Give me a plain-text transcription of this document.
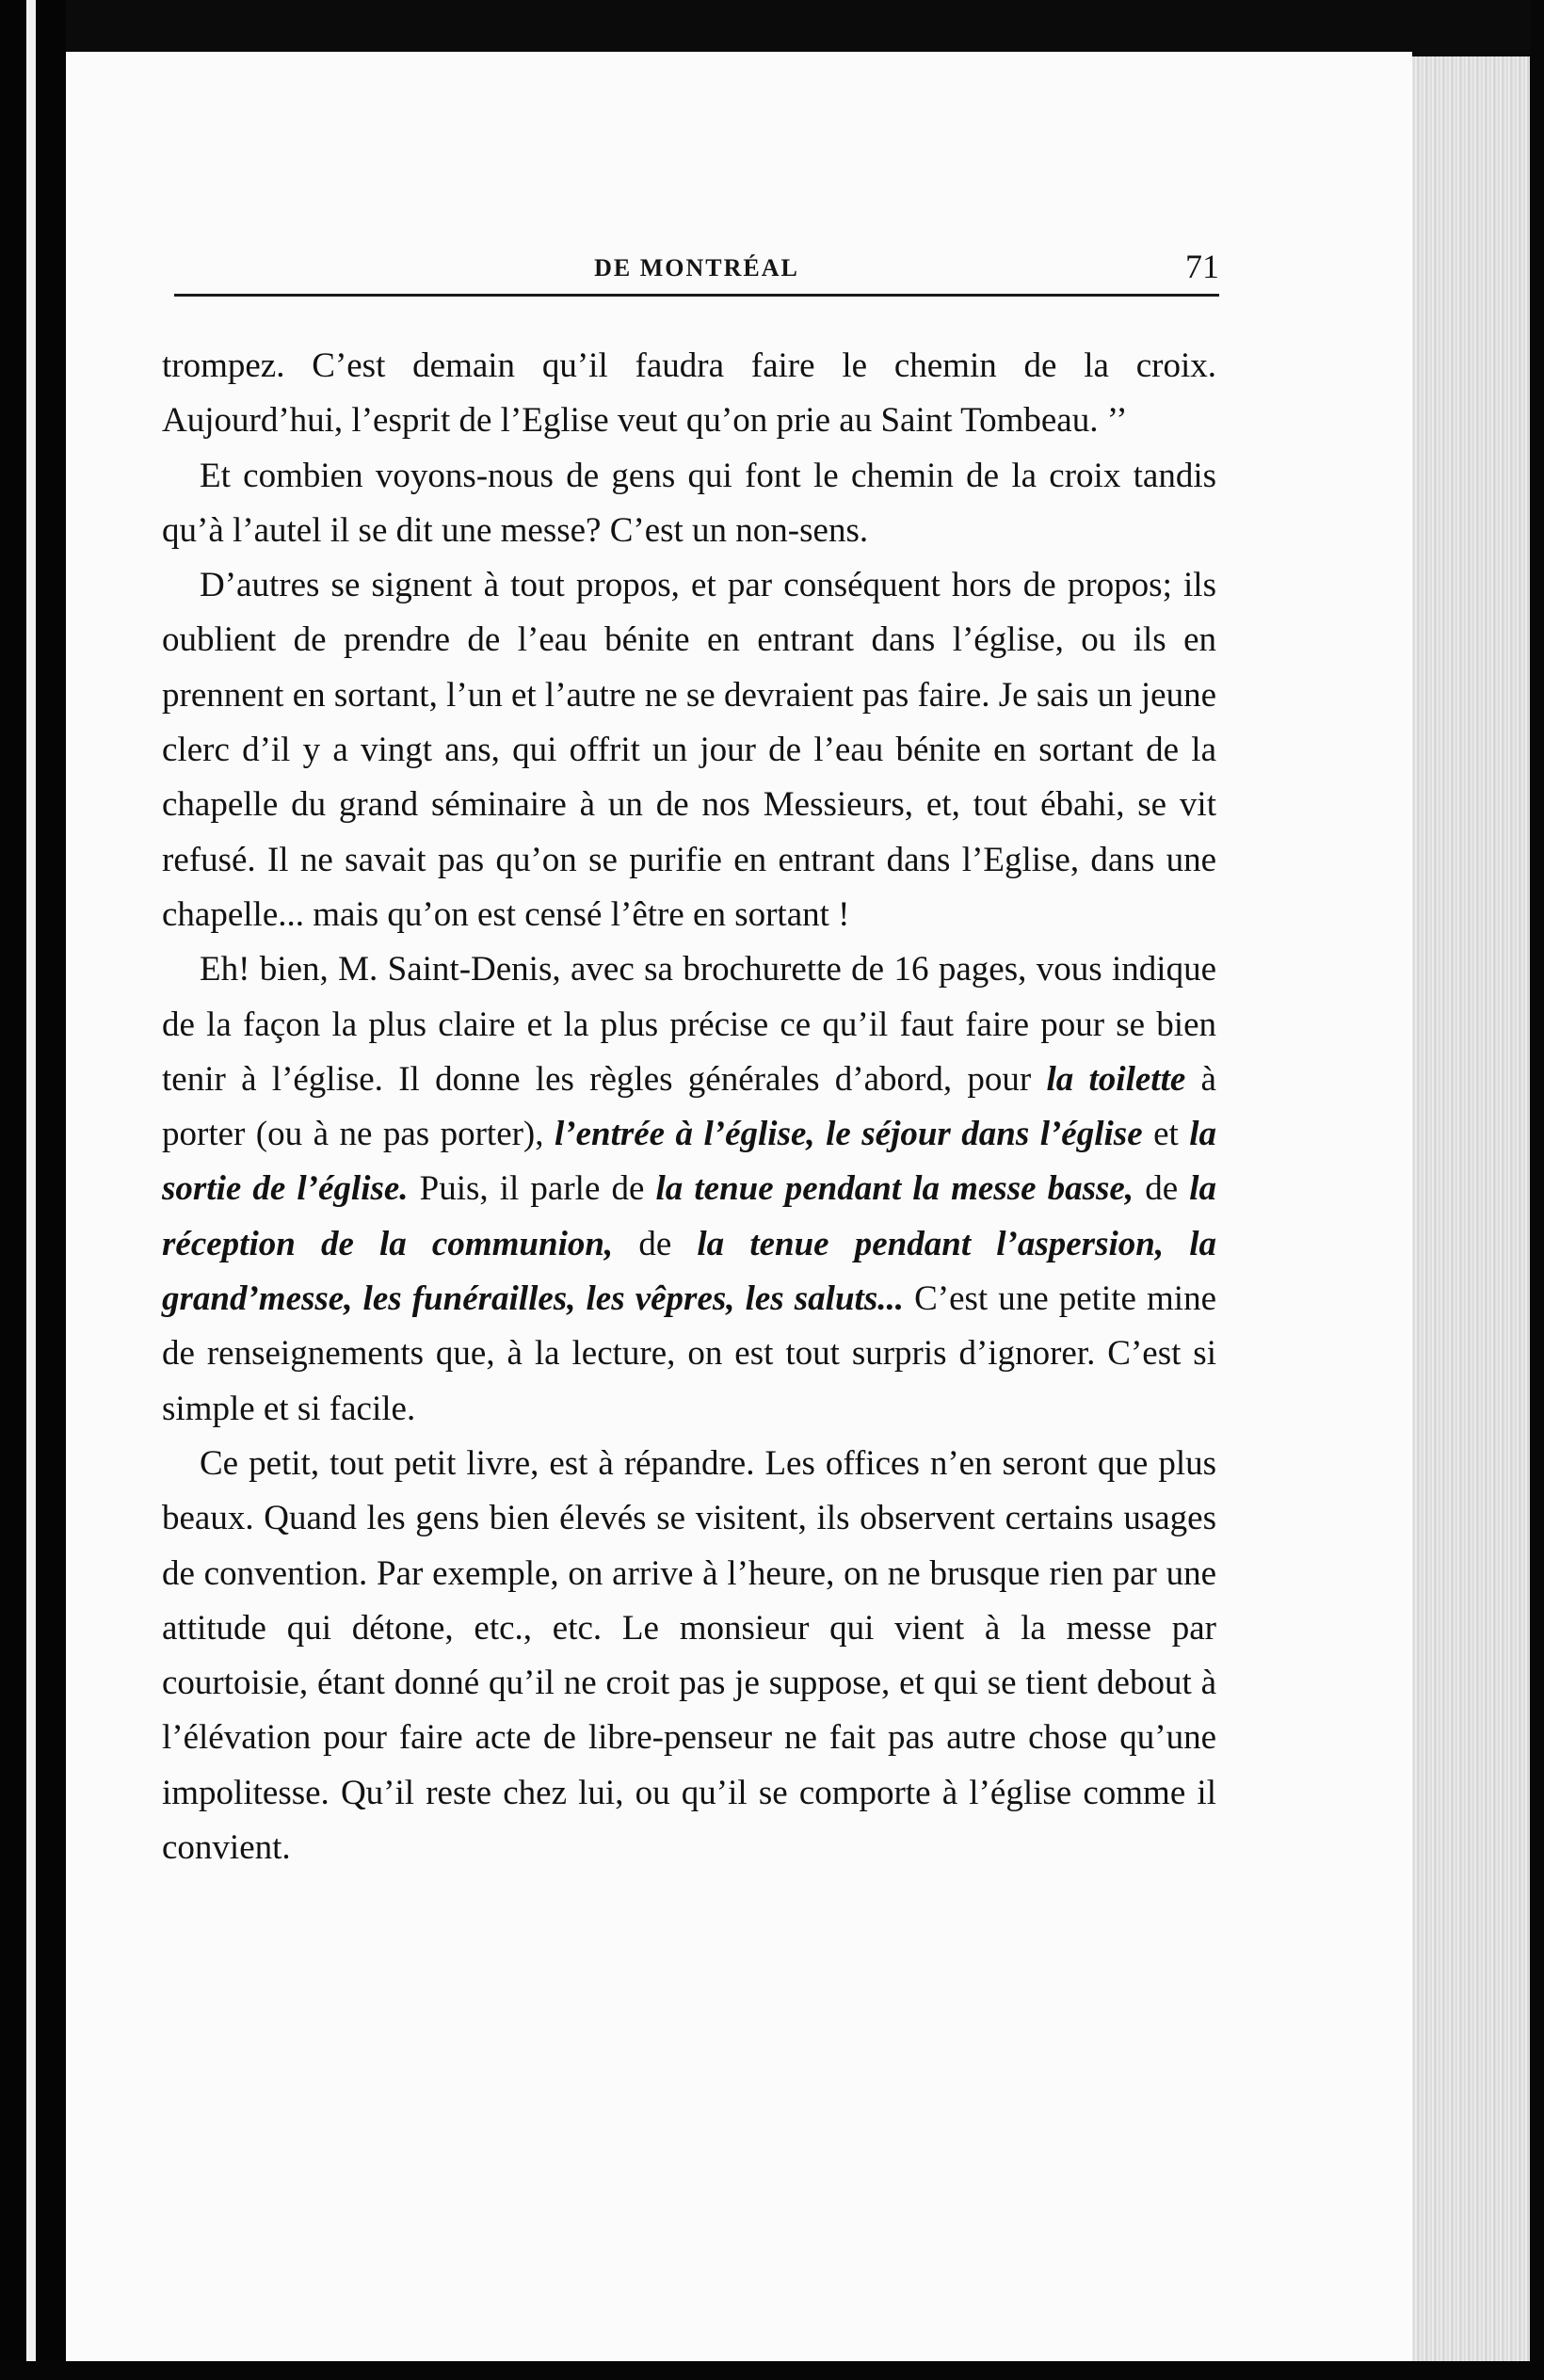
DE MONTRÉAL	71

trompez. C’est demain qu’il faudra faire le chemin de la croix. Aujourd’hui, l’esprit de l’Eglise veut qu’on prie au Saint Tombeau. ’’

Et combien voyons-nous de gens qui font le chemin de la croix tandis qu’à l’autel il se dit une messe? C’est un non-sens.

D’autres se signent à tout propos, et par conséquent hors de propos; ils oublient de prendre de l’eau bénite en entrant dans l’église, ou ils en prennent en sortant, l’un et l’autre ne se devraient pas faire. Je sais un jeune clerc d’il y a vingt ans, qui offrit un jour de l’eau bénite en sortant de la chapelle du grand séminaire à un de nos Messieurs, et, tout ébahi, se vit refusé. Il ne savait pas qu’on se purifie en entrant dans l’Eglise, dans une chapelle... mais qu’on est censé l’être en sortant !

Eh! bien, M. Saint-Denis, avec sa brochurette de 16 pages, vous indique de la façon la plus claire et la plus précise ce qu’il faut faire pour se bien tenir à l’église. Il donne les règles générales d’abord, pour la toilette à porter (ou à ne pas porter), l’entrée à l’église, le séjour dans l’église et la sortie de l’église. Puis, il parle de la tenue pendant la messe basse, de la réception de la communion, de la tenue pendant l’aspersion, la grand’messe, les funérailles, les vêpres, les saluts... C’est une petite mine de renseignements que, à la lecture, on est tout surpris d’ignorer. C’est si simple et si facile.

Ce petit, tout petit livre, est à répandre. Les offices n’en seront que plus beaux. Quand les gens bien élevés se visitent, ils observent certains usages de convention. Par exemple, on arrive à l’heure, on ne brusque rien par une attitude qui détone, etc., etc. Le monsieur qui vient à la messe par courtoisie, étant donné qu’il ne croit pas je suppose, et qui se tient debout à l’élévation pour faire acte de libre-penseur ne fait pas autre chose qu’une impolitesse. Qu’il reste chez lui, ou qu’il se comporte à l’église comme il convient.
